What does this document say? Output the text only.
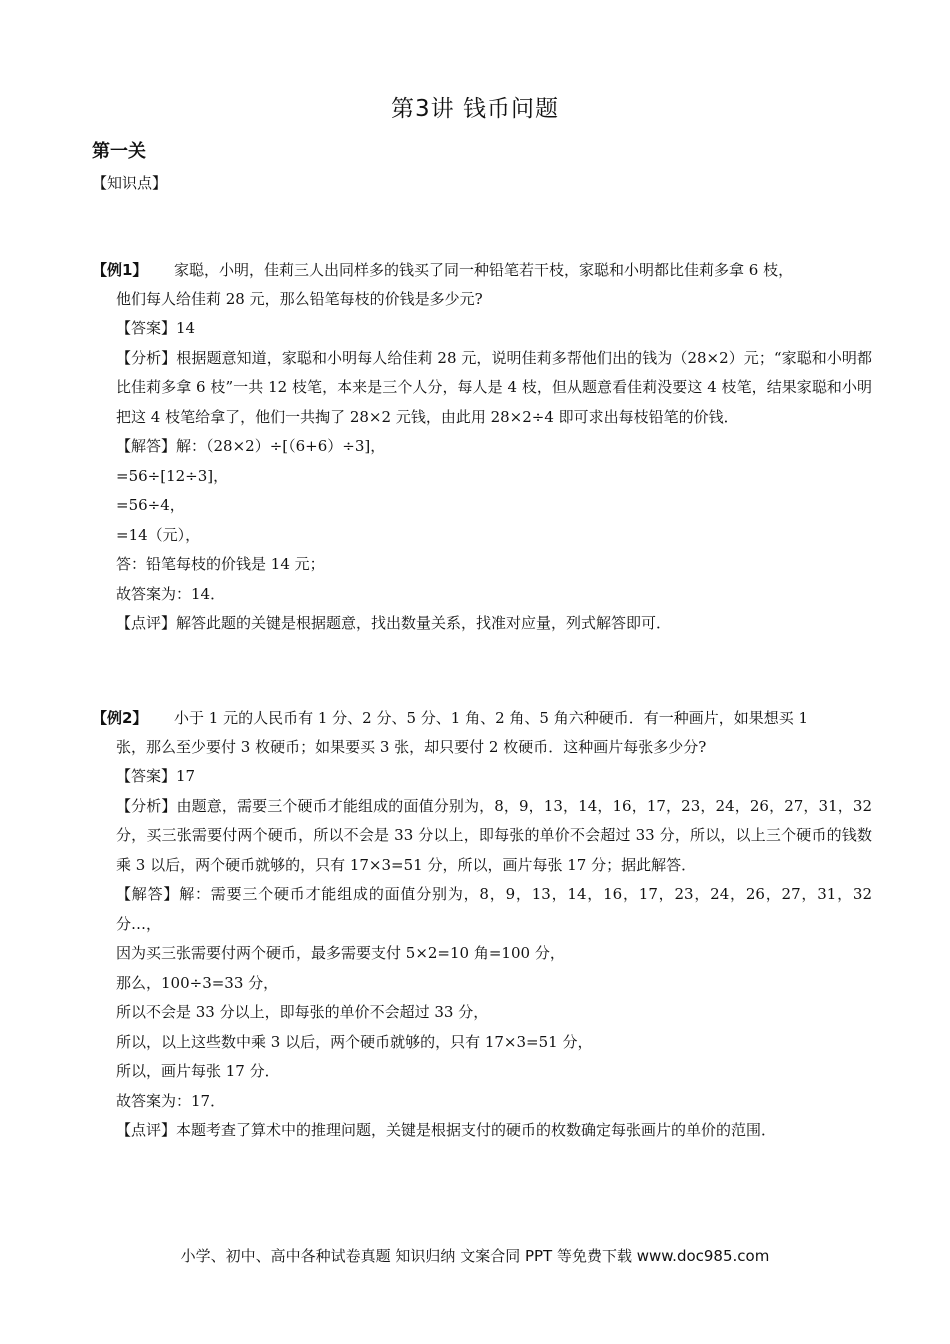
第3讲 钱币问题
第一关
【知识点】
【例1】	家聪，小明，佳莉三人出同样多的钱买了同一种铅笔若干枝，家聪和小明都比佳莉多拿 6 枝，
他们每人给佳莉 28 元，那么铅笔每枝的价钱是多少元?
【答案】14
【分析】根据题意知道，家聪和小明每人给佳莉 28 元，说明佳莉多帮他们出的钱为（28×2）元；“家聪和小明都比佳莉多拿 6 枝”一共 12 枝笔，本来是三个人分，每人是 4 枝，但从题意看佳莉没要这 4 枝笔，结果家聪和小明把这 4 枝笔给拿了，他们一共掏了 28×2 元钱，由此用 28×2÷4 即可求出每枝铅笔的价钱．
【解答】解：（28×2）÷[（6+6）÷3]，
=56÷[12÷3]，
=56÷4，
=14（元），
答：铅笔每枝的价钱是 14 元；
故答案为：14．
【点评】解答此题的关键是根据题意，找出数量关系，找准对应量，列式解答即可．
【例2】	小于 1 元的人民币有 1 分、2 分、5 分、1 角、2 角、5 角六种硬币．有一种画片，如果想买 1
张，那么至少要付 3 枚硬币；如果要买 3 张，却只要付 2 枚硬币．这种画片每张多少分?
【答案】17
【分析】由题意，需要三个硬币才能组成的面值分别为，8，9，13，14，16，17，23，24，26，27，31，32 分，买三张需要付两个硬币，所以不会是 33 分以上，即每张的单价不会超过 33 分，所以，以上三个硬币的钱数乘 3 以后，两个硬币就够的，只有 17×3=51 分，所以，画片每张 17 分；据此解答．
【解答】解：需要三个硬币才能组成的面值分别为，8，9，13，14，16，17，23，24，26，27，31，32 分…，
因为买三张需要付两个硬币，最多需要支付 5×2=10 角=100 分，
那么，100÷3=33 分，
所以不会是 33 分以上，即每张的单价不会超过 33 分，
所以，以上这些数中乘 3 以后，两个硬币就够的，只有 17×3=51 分，
所以，画片每张 17 分．
故答案为：17．
【点评】本题考查了算术中的推理问题，关键是根据支付的硬币的枚数确定每张画片的单价的范围．
小学、初中、高中各种试卷真题 知识归纳 文案合同 PPT 等免费下载 www.doc985.com
